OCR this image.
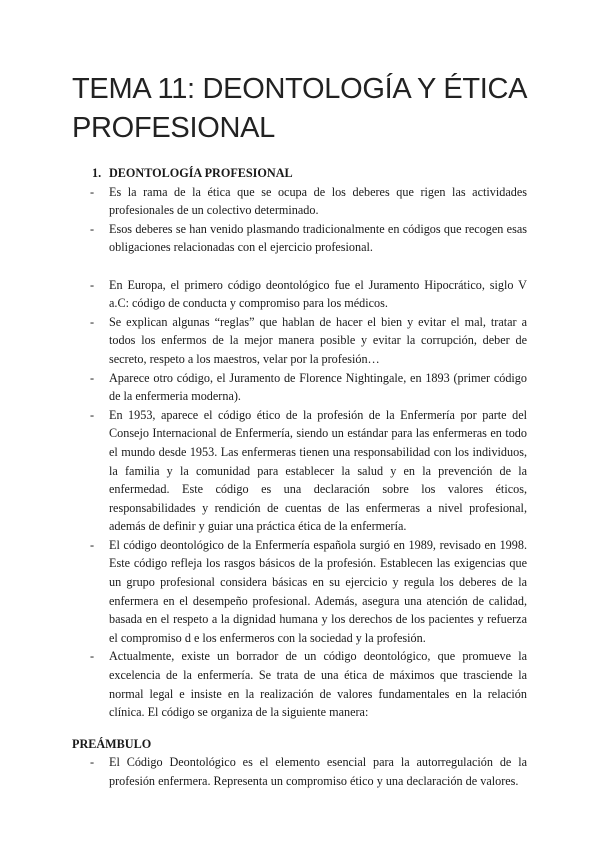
TEMA 11: DEONTOLOGÍA Y ÉTICA PROFESIONAL

1. DEONTOLOGÍA PROFESIONAL

- Es la rama de la ética que se ocupa de los deberes que rigen las actividades profesionales de un colectivo determinado.
- Esos deberes se han venido plasmando tradicionalmente en códigos que recogen esas obligaciones relacionadas con el ejercicio profesional.
- En Europa, el primero código deontológico fue el Juramento Hipocrático, siglo V a.C: código de conducta y compromiso para los médicos.
- Se explican algunas “reglas” que hablan de hacer el bien y evitar el mal, tratar a todos los enfermos de la mejor manera posible y evitar la corrupción, deber de secreto, respeto a los maestros, velar por la profesión…
- Aparece otro código, el Juramento de Florence Nightingale, en 1893 (primer código de la enfermeria moderna).
- En 1953, aparece el código ético de la profesión de la Enfermería por parte del Consejo Internacional de Enfermería, siendo un estándar para las enfermeras en todo el mundo desde 1953. Las enfermeras tienen una responsabilidad con los individuos, la familia y la comunidad para establecer la salud y en la prevención de la enfermedad. Este código es una declaración sobre los valores éticos, responsabilidades y rendición de cuentas de las enfermeras a nivel profesional, además de definir y guiar una práctica ética de la enfermería.
- El código deontológico de la Enfermería española surgió en 1989, revisado en 1998. Este código refleja los rasgos básicos de la profesión. Establecen las exigencias que un grupo profesional considera básicas en su ejercicio y regula los deberes de la enfermera en el desempeño profesional. Además, asegura una atención de calidad, basada en el respeto a la dignidad humana y los derechos de los pacientes y refuerza el compromiso d e los enfermeros con la sociedad y la profesión.
- Actualmente, existe un borrador de un código deontológico, que promueve la excelencia de la enfermería. Se trata de una ética de máximos que trasciende la normal legal e insiste en la realización de valores fundamentales en la relación clínica. El código se organiza de la siguiente manera:

PREÁMBULO

- El Código Deontológico es el elemento esencial para la autorregulación de la profesión enfermera. Representa un compromiso ético y una declaración de valores.
